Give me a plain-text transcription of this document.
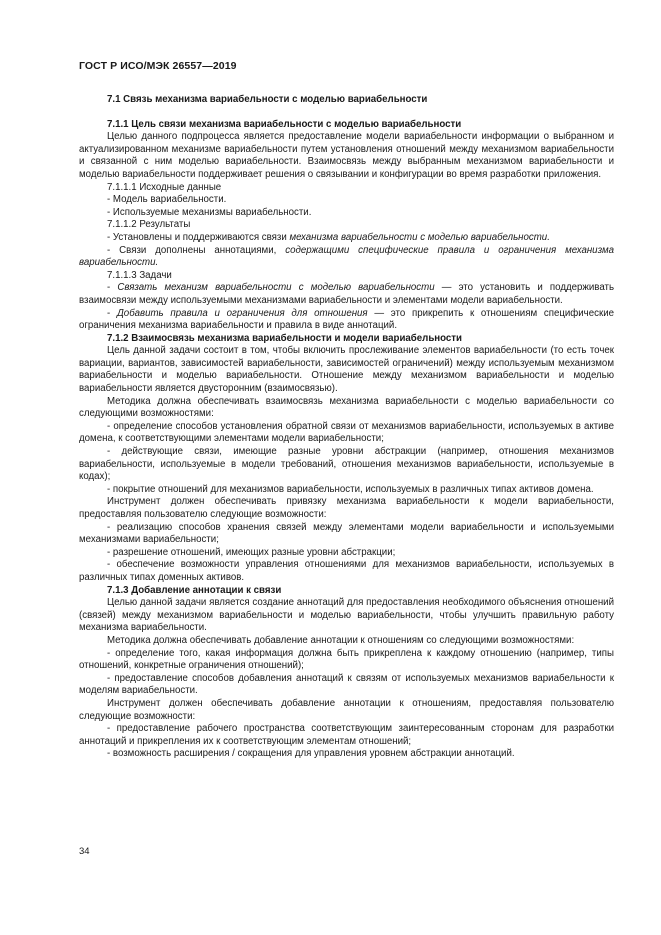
ГОСТ Р ИСО/МЭК 26557—2019

7.1 Связь механизма вариабельности с моделью вариабельности

7.1.1 Цель связи механизма вариабельности с моделью вариабельности

Целью данного подпроцесса является предоставление модели вариабельности информации о выбранном и актуализированном механизме вариабельности путем установления отношений между механизмом вариабельности и связанной с ним моделью вариабельности. Взаимосвязь между выбранным механизмом вариабельности и моделью вариабельности поддерживает решения о связывании и конфигурации во время разработки приложения.

7.1.1.1 Исходные данные

- Модель вариабельности.

- Используемые механизмы вариабельности.

7.1.1.2 Результаты

- Установлены и поддерживаются связи механизма вариабельности с моделью вариабельности.

- Связи дополнены аннотациями, содержащими специфические правила и ограничения механизма вариабельности.

7.1.1.3 Задачи

- Связать механизм вариабельности с моделью вариабельности — это установить и поддерживать взаимосвязи между используемыми механизмами вариабельности и элементами модели вариабельности.

- Добавить правила и ограничения для отношения — это прикрепить к отношениям специфические ограничения механизма вариабельности и правила в виде аннотаций.

7.1.2 Взаимосвязь механизма вариабельности и модели вариабельности

Цель данной задачи состоит в том, чтобы включить прослеживание элементов вариабельности (то есть точек вариации, вариантов, зависимостей вариабельности, зависимостей ограничений) между используемым механизмом вариабельности и моделью вариабельности. Отношение между механизмом вариабельности и моделью вариабельности является двусторонним (взаимосвязью).

Методика должна обеспечивать взаимосвязь механизма вариабельности с моделью вариабельности со следующими возможностями:

- определение способов установления обратной связи от механизмов вариабельности, используемых в активе домена, к соответствующими элементами модели вариабельности;

- действующие связи, имеющие разные уровни абстракции (например, отношения механизмов вариабельности, используемые в модели требований, отношения механизмов вариабельности, используемые в кодах);

- покрытие отношений для механизмов вариабельности, используемых в различных типах активов домена.

Инструмент должен обеспечивать привязку механизма вариабельности к модели вариабельности, предоставляя пользователю следующие возможности:

- реализацию способов хранения связей между элементами модели вариабельности и используемыми механизмами вариабельности;

- разрешение отношений, имеющих разные уровни абстракции;

- обеспечение возможности управления отношениями для механизмов вариабельности, используемых в различных типах доменных активов.

7.1.3 Добавление аннотации к связи

Целью данной задачи является создание аннотаций для предоставления необходимого объяснения отношений (связей) между механизмом вариабельности и моделью вариабельности, чтобы улучшить правильную работу механизма вариабельности.

Методика должна обеспечивать добавление аннотации к отношениям со следующими возможностями:

- определение того, какая информация должна быть прикреплена к каждому отношению (например, типы отношений, конкретные ограничения отношений);

- предоставление способов добавления аннотаций к связям от используемых механизмов вариабельности к моделям вариабельности.

Инструмент должен обеспечивать добавление аннотации к отношениям, предоставляя пользователю следующие возможности:

- предоставление рабочего пространства соответствующим заинтересованным сторонам для разработки аннотаций и прикрепления их к соответствующим элементам отношений;

- возможность расширения / сокращения для управления уровнем абстракции аннотаций.

34
